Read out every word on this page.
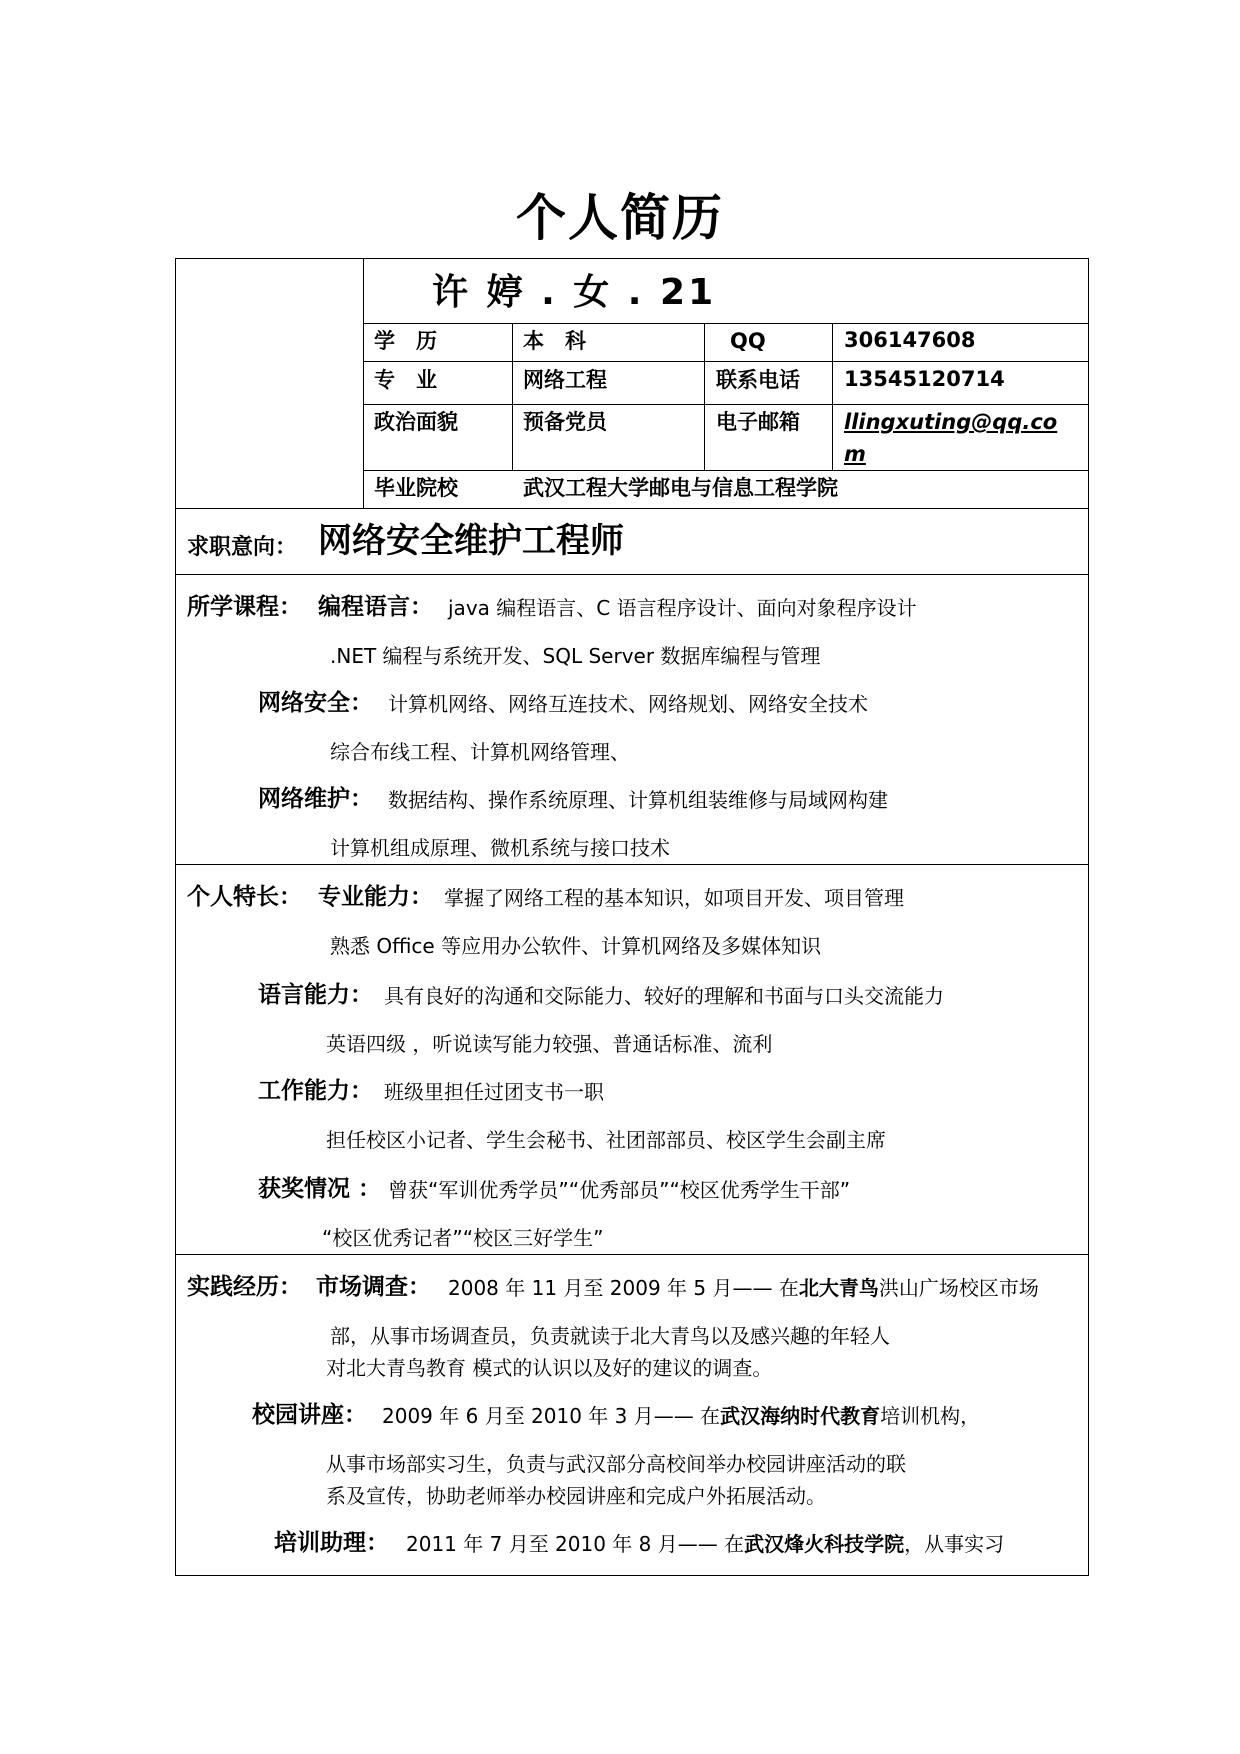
个人简历
许 婷 . 女 . 21
学　历	本　科	QQ	306147608
专　业	网络工程	联系电话 13545120714
政治面貌	预备党员	电子邮箱 llingxuting@qq.com
毕业院校	武汉工程大学邮电与信息工程学院
求职意向： 网络安全维护工程师
所学课程： 编程语言： java 编程语言、C 语言程序设计、面向对象程序设计
.NET 编程与系统开发、SQL Server 数据库编程与管理
网络安全： 计算机网络、网络互连技术、网络规划、网络安全技术
综合布线工程、计算机网络管理、
网络维护： 数据结构、操作系统原理、计算机组装维修与局域网构建
计算机组成原理、微机系统与接口技术
个人特长： 专业能力： 掌握了网络工程的基本知识，如项目开发、项目管理
熟悉 Office 等应用办公软件、计算机网络及多媒体知识
语言能力： 具有良好的沟通和交际能力、较好的理解和书面与口头交流能力
英语四级 ，听说读写能力较强、普通话标准、流利
工作能力： 班级里担任过团支书一职
担任校区小记者、学生会秘书、社团部部员、校区学生会副主席
获奖情况 ： 曾获“军训优秀学员”“优秀部员”“校区优秀学生干部”
“校区优秀记者”“校区三好学生”
实践经历： 市场调查： 2008 年 11 月至 2009 年 5 月—— 在北大青鸟洪山广场校区市场
部，从事市场调查员，负责就读于北大青鸟以及感兴趣的年轻人
对北大青鸟教育 模式的认识以及好的建议的调查。
校园讲座： 2009 年 6 月至 2010 年 3 月—— 在武汉海纳时代教育培训机构，
从事市场部实习生，负责与武汉部分高校间举办校园讲座活动的联
系及宣传，协助老师举办校园讲座和完成户外拓展活动。
培训助理： 2011 年 7 月至 2010 年 8 月—— 在武汉烽火科技学院，从事实习
